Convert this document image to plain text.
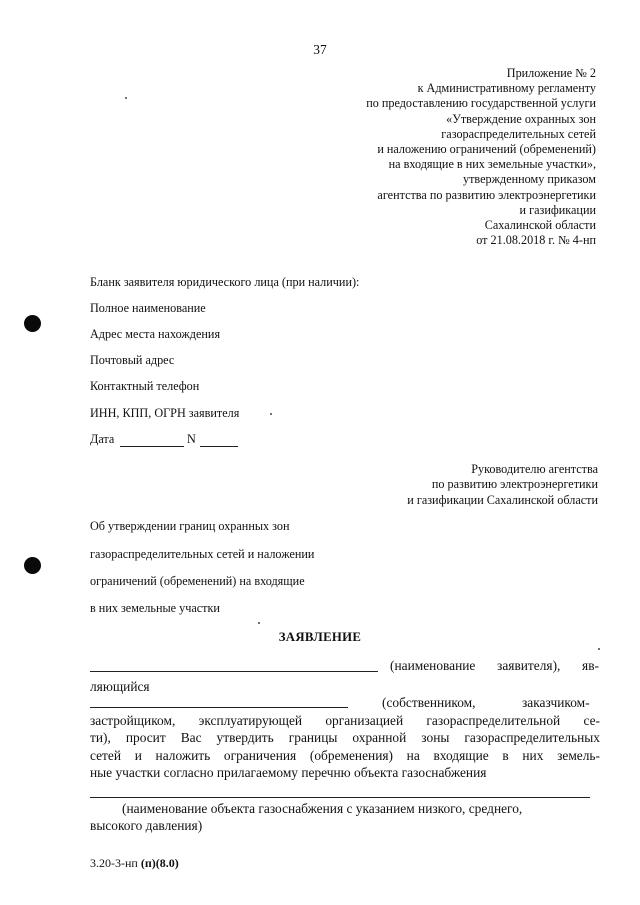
37
Приложение № 2
к Административному регламенту
по предоставлению государственной услуги
«Утверждение охранных зон
газораспределительных сетей
и наложению ограничений (обременений)
на входящие в них земельные участки»,
утвержденному приказом
агентства по развитию электроэнергетики
и газификации
Сахалинской области
от 21.08.2018 г. № 4-нп
Бланк заявителя юридического лица (при наличии):
Полное наименование
Адрес места нахождения
Почтовый адрес
Контактный телефон
ИНН, КПП, ОГРН заявителя
Дата	N
Руководителю агентства
по развитию электроэнергетики
и газификации Сахалинской области
Об утверждении границ охранных зон
газораспределительных сетей и наложении
ограничений (обременений) на входящие
в них земельные участки
ЗАЯВЛЕНИЕ
(наименование заявителя), яв-
ляющийся
(собственником,	заказчиком-
застройщиком, эксплуатирующей организацией газораспределительной се-
ти), просит Вас утвердить границы охранной зоны газораспределительных
сетей и наложить ограничения (обременения) на входящие в них земель-
ные участки согласно прилагаемому перечню объекта газоснабжения
(наименование объекта газоснабжения с указанием низкого, среднего,
высокого давления)
3.20-3-нп (п)(8.0)
